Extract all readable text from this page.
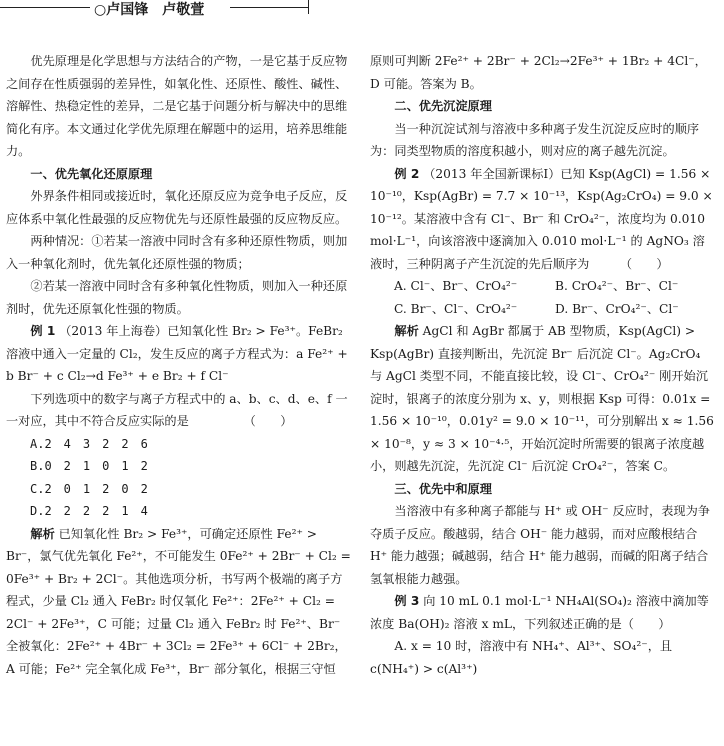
○卢国锋　卢敬萱

优先原理是化学思想与方法结合的产物，一是它基于反应物之间存在性质强弱的差异性，如氧化性、还原性、酸性、碱性、溶解性、热稳定性的差异，二是它基于问题分析与解决中的思维简化有序。本文通过化学优先原理在解题中的运用，培养思维能力。

一、优先氧化还原原理

外界条件相同或接近时，氧化还原反应为竞争电子反应，反应体系中氧化性最强的反应物优先与还原性最强的反应物反应。

两种情况：①若某一溶液中同时含有多种还原性物质，则加入一种氧化剂时，优先氧化还原性强的物质；

②若某一溶液中同时含有多种氧化性物质，则加入一种还原剂时，优先还原氧化性强的物质。

例 1 （2013 年上海卷）已知氧化性 Br₂ > Fe³⁺。FeBr₂ 溶液中通入一定量的 Cl₂，发生反应的离子方程式为：a Fe²⁺ + b Br⁻ + c Cl₂→d Fe³⁺ + e Br₂ + f Cl⁻

下列选项中的数字与离子方程式中的 a、b、c、d、e、f 一一对应，其中不符合反应实际的是　　　　　（　　）

A.2　4　3　2　2　6

B.0　2　1　0　1　2

C.2　0　1　2　0　2

D.2　2　2　2　1　4

解析 已知氧化性 Br₂ > Fe³⁺，可确定还原性 Fe²⁺ > Br⁻，氯气优先氧化 Fe²⁺，不可能发生 0Fe²⁺ + 2Br⁻ + Cl₂ = 0Fe³⁺ + Br₂ + 2Cl⁻。其他选项分析，书写两个极端的离子方程式，少量 Cl₂ 通入 FeBr₂ 时仅氧化 Fe²⁺：2Fe²⁺ + Cl₂ = 2Cl⁻ + 2Fe³⁺，C 可能；过量 Cl₂ 通入 FeBr₂ 时 Fe²⁺、Br⁻ 全被氧化：2Fe²⁺ + 4Br⁻ + 3Cl₂ = 2Fe³⁺ + 6Cl⁻ + 2Br₂，A 可能；Fe²⁺ 完全氧化成 Fe³⁺，Br⁻ 部分氧化，根据三守恒

原则可判断 2Fe²⁺ + 2Br⁻ + 2Cl₂→2Fe³⁺ + 1Br₂ + 4Cl⁻，D 可能。答案为 B。

二、优先沉淀原理

当一种沉淀试剂与溶液中多种离子发生沉淀反应时的顺序为：同类型物质的溶度积越小，则对应的离子越先沉淀。

例 2 （2013 年全国新课标Ⅰ）已知 Ksp(AgCl) = 1.56 × 10⁻¹⁰，Ksp(AgBr) = 7.7 × 10⁻¹³，Ksp(Ag₂CrO₄) = 9.0 × 10⁻¹²。某溶液中含有 Cl⁻、Br⁻ 和 CrO₄²⁻，浓度均为 0.010 mol·L⁻¹，向该溶液中逐滴加入 0.010 mol·L⁻¹ 的 AgNO₃ 溶液时，三种阴离子产生沉淀的先后顺序为　　　（　　）

A. Cl⁻、Br⁻、CrO₄²⁻	B. CrO₄²⁻、Br⁻、Cl⁻
C. Br⁻、Cl⁻、CrO₄²⁻	D. Br⁻、CrO₄²⁻、Cl⁻

解析 AgCl 和 AgBr 都属于 AB 型物质，Ksp(AgCl) > Ksp(AgBr) 直接判断出，先沉淀 Br⁻ 后沉淀 Cl⁻。Ag₂CrO₄ 与 AgCl 类型不同，不能直接比较，设 Cl⁻、CrO₄²⁻ 刚开始沉淀时，银离子的浓度分别为 x、y，则根据 Ksp 可得：0.01x = 1.56 × 10⁻¹⁰，0.01y² = 9.0 × 10⁻¹¹，可分别解出 x ≈ 1.56 × 10⁻⁸，y ≈ 3 × 10⁻⁴·⁵，开始沉淀时所需要的银离子浓度越小，则越先沉淀，先沉淀 Cl⁻ 后沉淀 CrO₄²⁻，答案 C。

三、优先中和原理

当溶液中有多种离子都能与 H⁺ 或 OH⁻ 反应时，表现为争夺质子反应。酸越弱，结合 OH⁻ 能力越弱，而对应酸根结合 H⁺ 能力越强；碱越弱，结合 H⁺ 能力越弱，而碱的阳离子结合氢氧根能力越强。

例 3 向 10 mL 0.1 mol·L⁻¹ NH₄Al(SO₄)₂ 溶液中滴加等浓度 Ba(OH)₂ 溶液 x mL，下列叙述正确的是（　　）

A. x = 10 时，溶液中有 NH₄⁺、Al³⁺、SO₄²⁻，且 c(NH₄⁺) > c(Al³⁺)
